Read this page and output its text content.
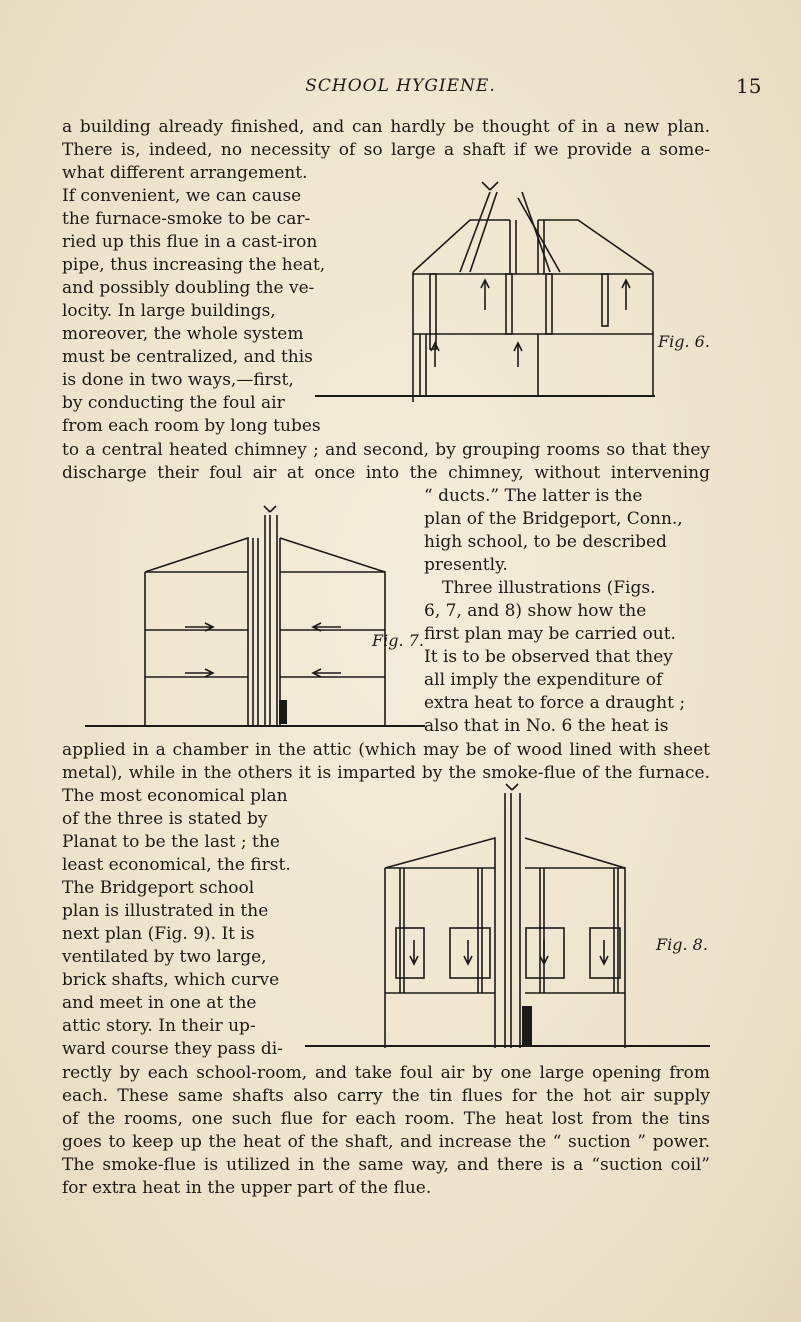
SCHOOL HYGIENE.	15
a building already finished, and can hardly be thought of in a new plan.
There is, indeed, no necessity of so large a shaft if we provide a some-
what different arrangement.
If convenient, we can cause
the furnace-smoke to be car-
ried up this flue in a cast-iron
pipe, thus increasing the heat,
and possibly doubling the ve-
locity. In large buildings,
moreover, the whole system
must be centralized, and this
is done in two ways,—first,
by conducting the foul air
from each room by long tubes
to a central heated chimney ; and second, by grouping rooms so that they
discharge their foul air at once into the chimney, without intervening
“ ducts.” The latter is the
plan of the Bridgeport, Conn.,
high school, to be described
presently.
Three illustrations (Figs.
6, 7, and 8) show how the
first plan may be carried out.
It is to be observed that they
all imply the expenditure of
extra heat to force a draught ;
also that in No. 6 the heat is
applied in a chamber in the attic (which may be of wood lined with sheet
metal), while in the others it is imparted by the smoke-flue of the furnace.
The most economical plan
of the three is stated by
Planat to be the last ; the
least economical, the first.
The Bridgeport school
plan is illustrated in the
next plan (Fig. 9). It is
ventilated by two large,
brick shafts, which curve
and meet in one at the
attic story. In their up-
ward course they pass di-
rectly by each school-room, and take foul air by one large opening from
each. These same shafts also carry the tin flues for the hot air supply
of the rooms, one such flue for each room. The heat lost from the tins
goes to keep up the heat of the shaft, and increase the “ suction ” power.
The smoke-flue is utilized in the same way, and there is a “suction coil”
for extra heat in the upper part of the flue.
Fig. 6.
Fig. 7.
Fig. 8.
